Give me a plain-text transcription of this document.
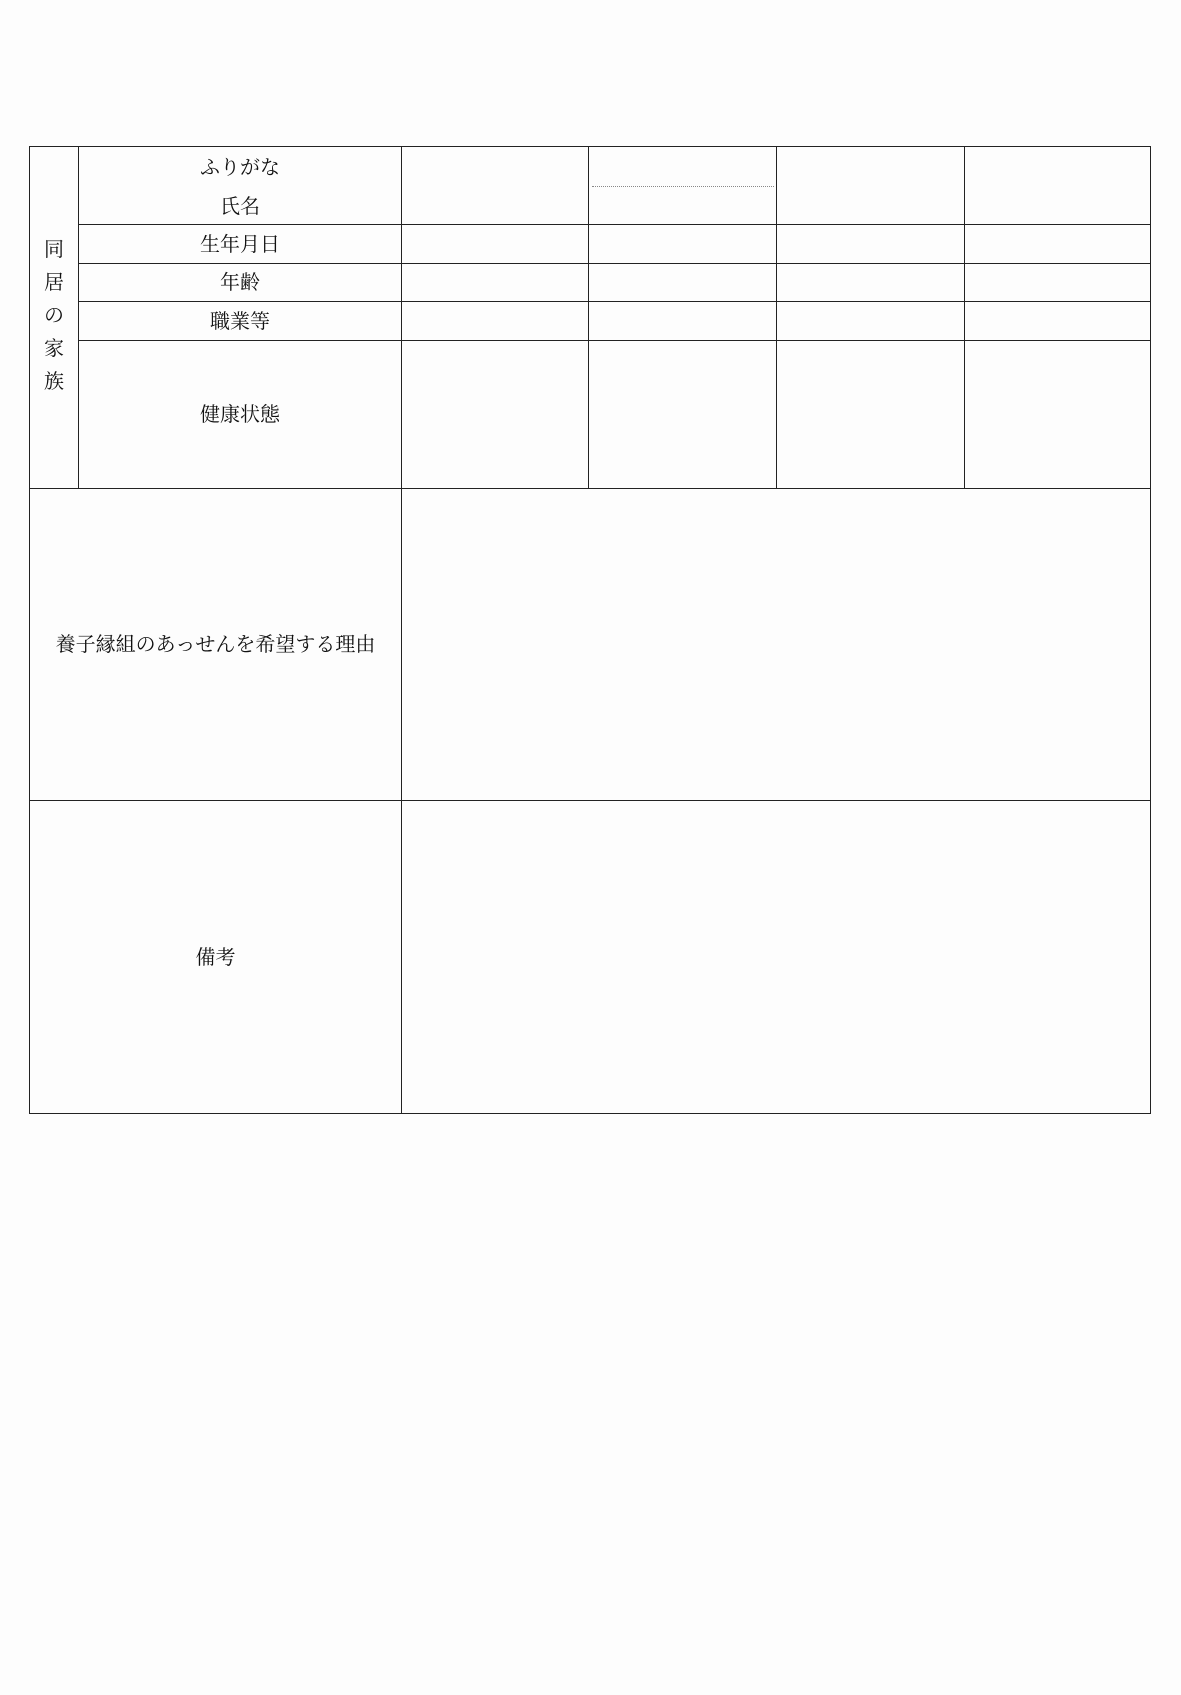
同
居
の
家
族
ふりがな
氏名
生年月日
年齢
職業等
健康状態
養子縁組のあっせんを希望する理由
備考
